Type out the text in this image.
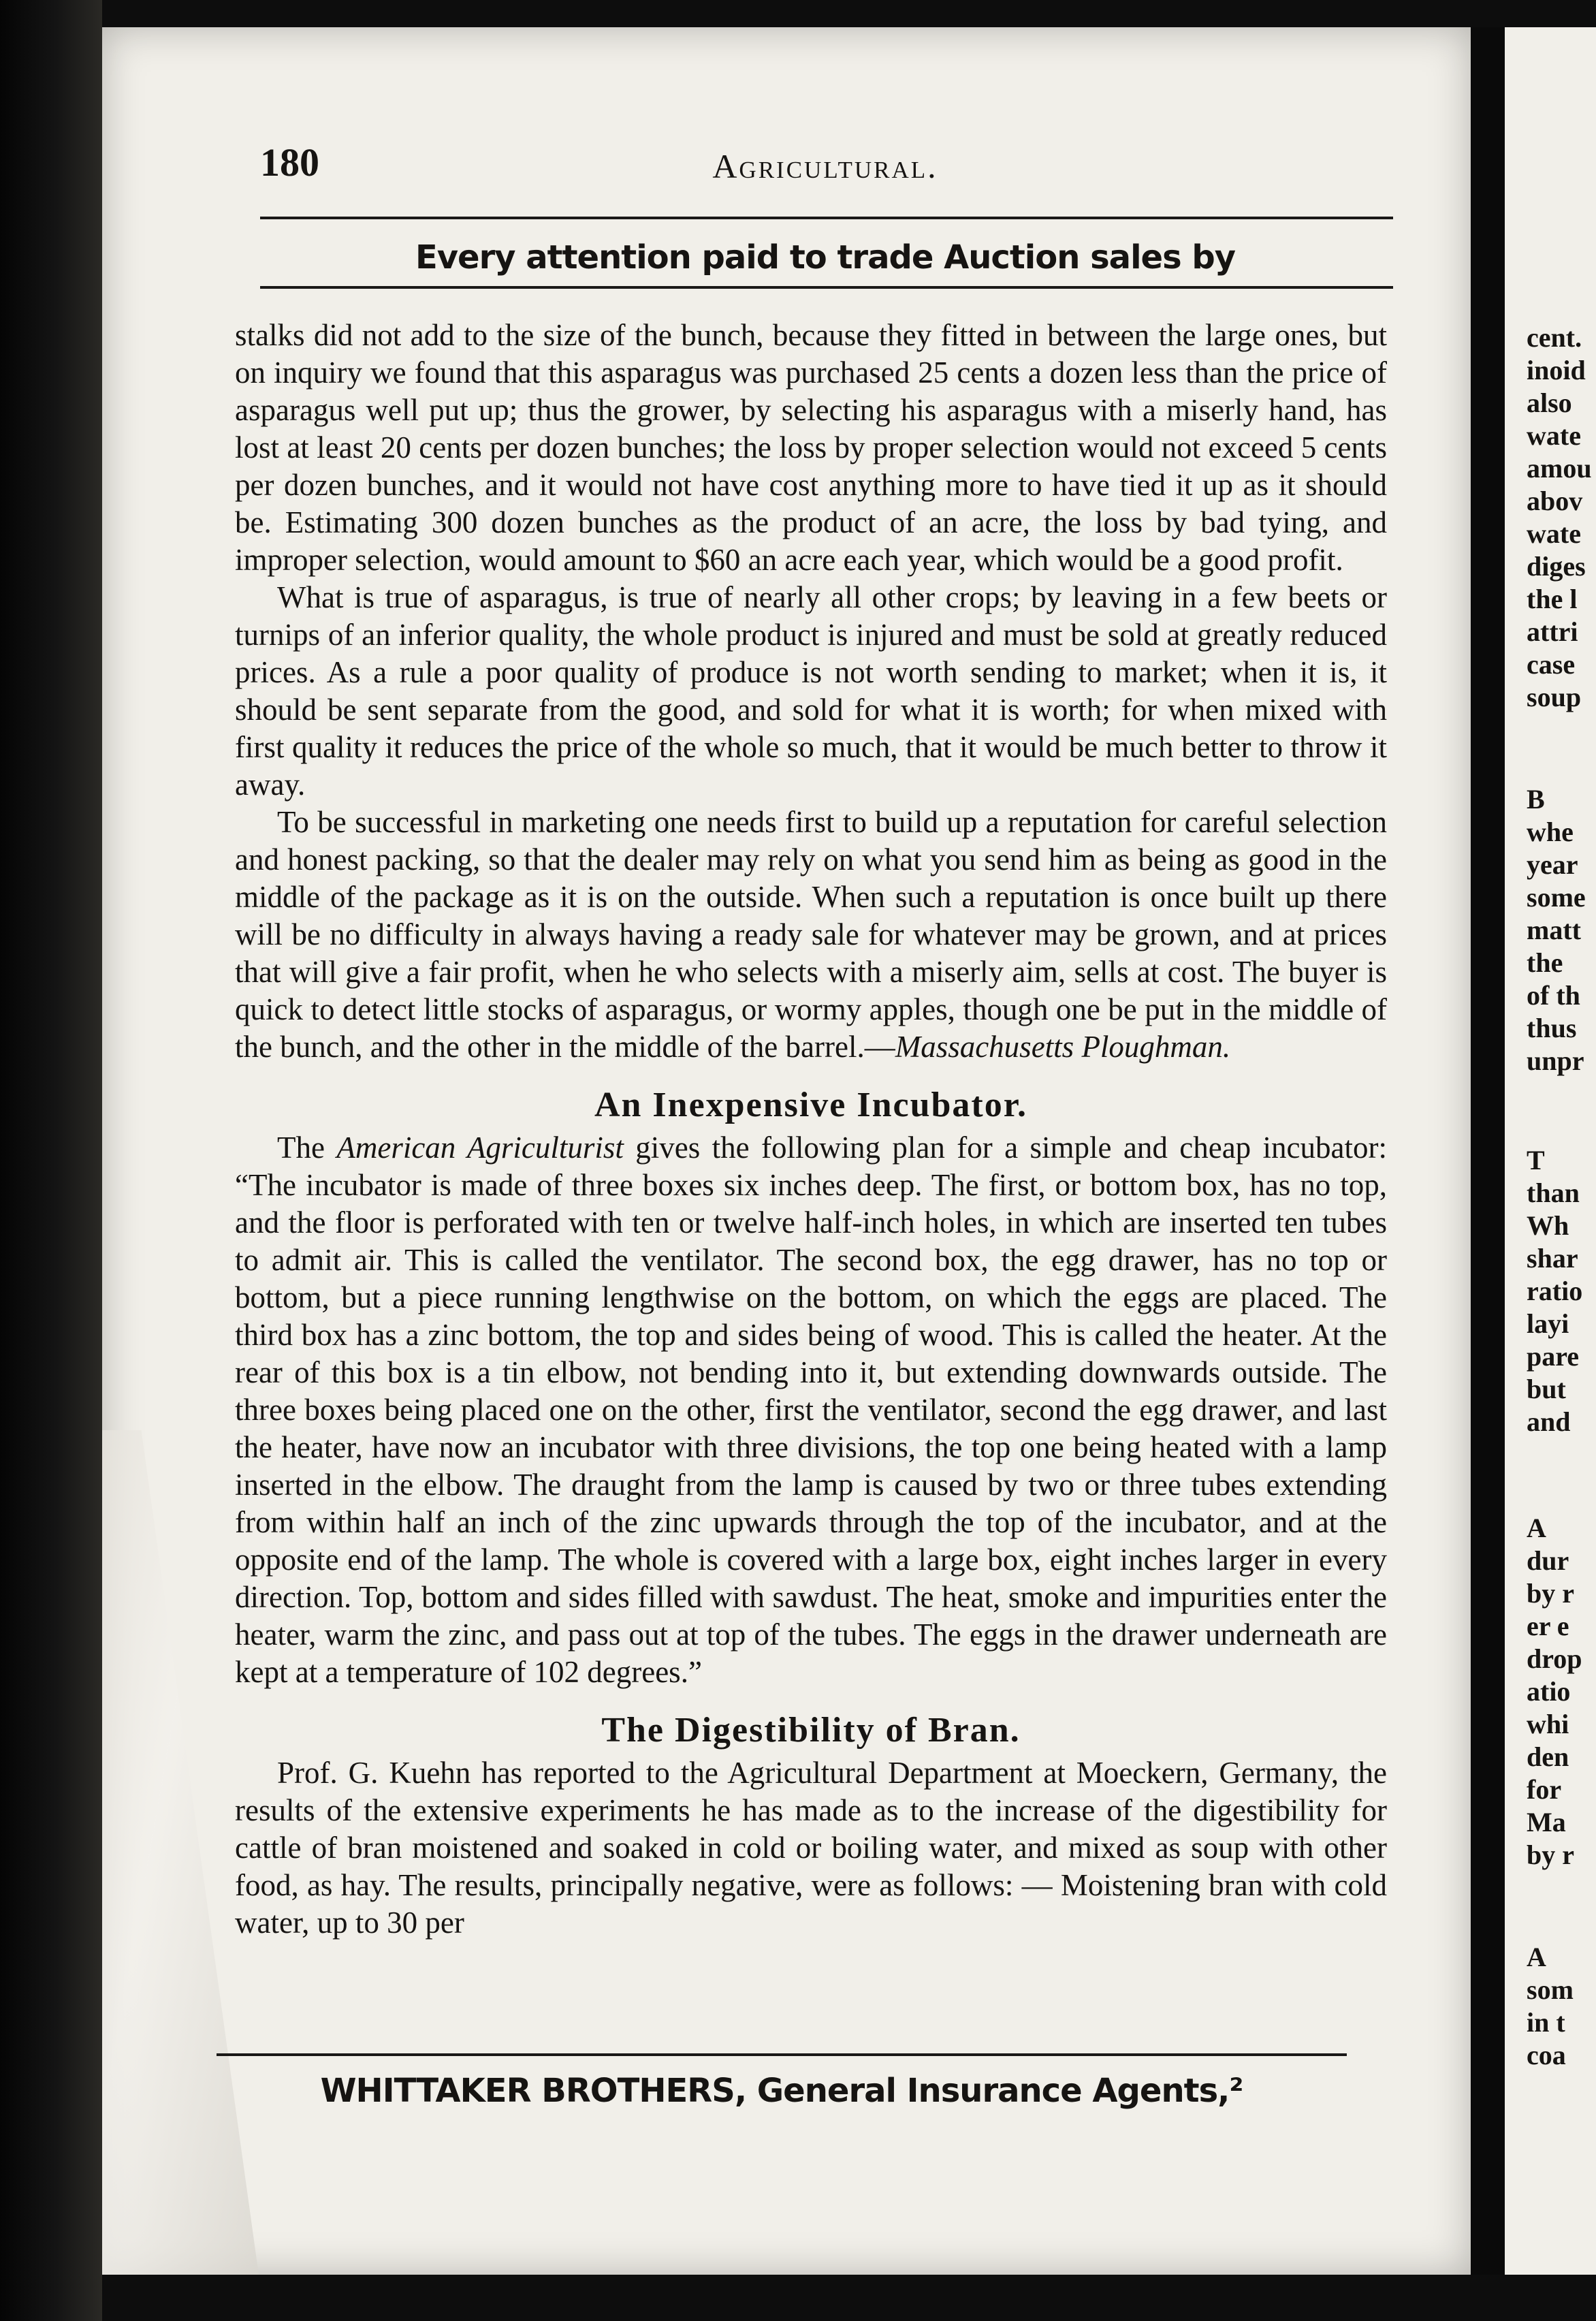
cent.

inoid

also

wate

amou

abov

wate

diges

the l

attri

case

soup

B

whe

year

some

matt

the

of th

thus

unpr

T

than

Wh

shar

ratio

layi

pare

but

and

A

dur

by r

er e

drop

atio

whi

den

for

Ma

by r

A

som

in t

coa

180	Agricultural.

Every attention paid to trade Auction sales by

stalks did not add to the size of the bunch, because they fitted in between the large ones, but on inquiry we found that this asparagus was purchased 25 cents a dozen less than the price of asparagus well put up; thus the grower, by selecting his asparagus with a miserly hand, has lost at least 20 cents per dozen bunches; the loss by proper selection would not exceed 5 cents per dozen bunches, and it would not have cost anything more to have tied it up as it should be. Estimating 300 dozen bunches as the product of an acre, the loss by bad tying, and improper selection, would amount to $60 an acre each year, which would be a good profit.

What is true of asparagus, is true of nearly all other crops; by leaving in a few beets or turnips of an inferior quality, the whole product is injured and must be sold at greatly reduced prices. As a rule a poor quality of produce is not worth sending to market; when it is, it should be sent separate from the good, and sold for what it is worth; for when mixed with first quality it reduces the price of the whole so much, that it would be much better to throw it away.

To be successful in marketing one needs first to build up a reputation for careful selection and honest packing, so that the dealer may rely on what you send him as being as good in the middle of the package as it is on the outside. When such a reputation is once built up there will be no difficulty in always having a ready sale for whatever may be grown, and at prices that will give a fair profit, when he who selects with a miserly aim, sells at cost. The buyer is quick to detect little stocks of asparagus, or wormy apples, though one be put in the middle of the bunch, and the other in the middle of the barrel.—Massachusetts Ploughman.

An Inexpensive Incubator.

The American Agriculturist gives the following plan for a simple and cheap incubator: “The incubator is made of three boxes six inches deep. The first, or bottom box, has no top, and the floor is perforated with ten or twelve half-inch holes, in which are inserted ten tubes to admit air. This is called the ventilator. The second box, the egg drawer, has no top or bottom, but a piece running lengthwise on the bottom, on which the eggs are placed. The third box has a zinc bottom, the top and sides being of wood. This is called the heater. At the rear of this box is a tin elbow, not bending into it, but extending downwards outside. The three boxes being placed one on the other, first the ventilator, second the egg drawer, and last the heater, have now an incubator with three divisions, the top one being heated with a lamp inserted in the elbow. The draught from the lamp is caused by two or three tubes extending from within half an inch of the zinc upwards through the top of the incubator, and at the opposite end of the lamp. The whole is covered with a large box, eight inches larger in every direction. Top, bottom and sides filled with sawdust. The heat, smoke and impurities enter the heater, warm the zinc, and pass out at top of the tubes. The eggs in the drawer underneath are kept at a temperature of 102 degrees.”

The Digestibility of Bran.

Prof. G. Kuehn has reported to the Agricultural Department at Moeckern, Germany, the results of the extensive experiments he has made as to the increase of the digestibility for cattle of bran moistened and soaked in cold or boiling water, and mixed as soup with other food, as hay. The results, principally negative, were as follows: — Moistening bran with cold water, up to 30 per

WHITTAKER BROTHERS, General Insurance Agents,²
